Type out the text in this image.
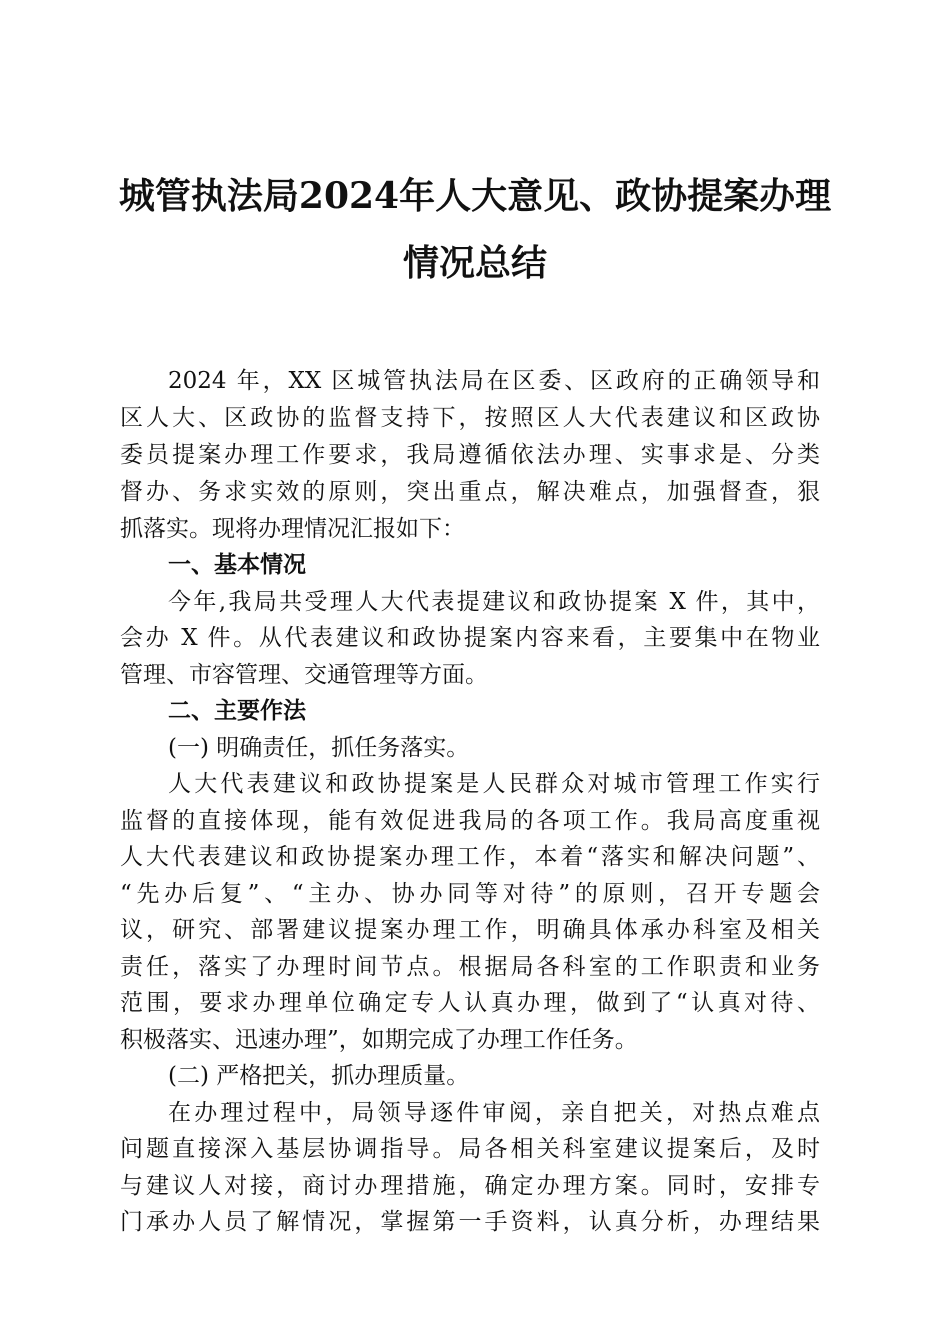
城管执法局2024年人大意见、政协提案办理
情况总结
2024 年，XX 区城管执法局在区委、区政府的正确领导和
区人大、区政协的监督支持下，按照区人大代表建议和区政协
委员提案办理工作要求，我局遵循依法办理、实事求是、分类
督办、务求实效的原则，突出重点，解决难点，加强督查，狠
抓落实。现将办理情况汇报如下：
一、基本情况
今年,我局共受理人大代表提建议和政协提案 X 件，其中，
会办 X 件。从代表建议和政协提案内容来看，主要集中在物业
管理、市容管理、交通管理等方面。
二、主要作法
(一) 明确责任，抓任务落实。
人大代表建议和政协提案是人民群众对城市管理工作实行
监督的直接体现，能有效促进我局的各项工作。我局高度重视
人大代表建议和政协提案办理工作，本着“落实和解决问题”、
“先办后复”、“主办、协办同等对待”的原则，召开专题会
议，研究、部署建议提案办理工作，明确具体承办科室及相关
责任，落实了办理时间节点。根据局各科室的工作职责和业务
范围，要求办理单位确定专人认真办理，做到了“认真对待、
积极落实、迅速办理”，如期完成了办理工作任务。
(二) 严格把关，抓办理质量。
在办理过程中，局领导逐件审阅，亲自把关，对热点难点
问题直接深入基层协调指导。局各相关科室建议提案后，及时
与建议人对接，商讨办理措施，确定办理方案。同时，安排专
门承办人员了解情况，掌握第一手资料，认真分析，办理结果
